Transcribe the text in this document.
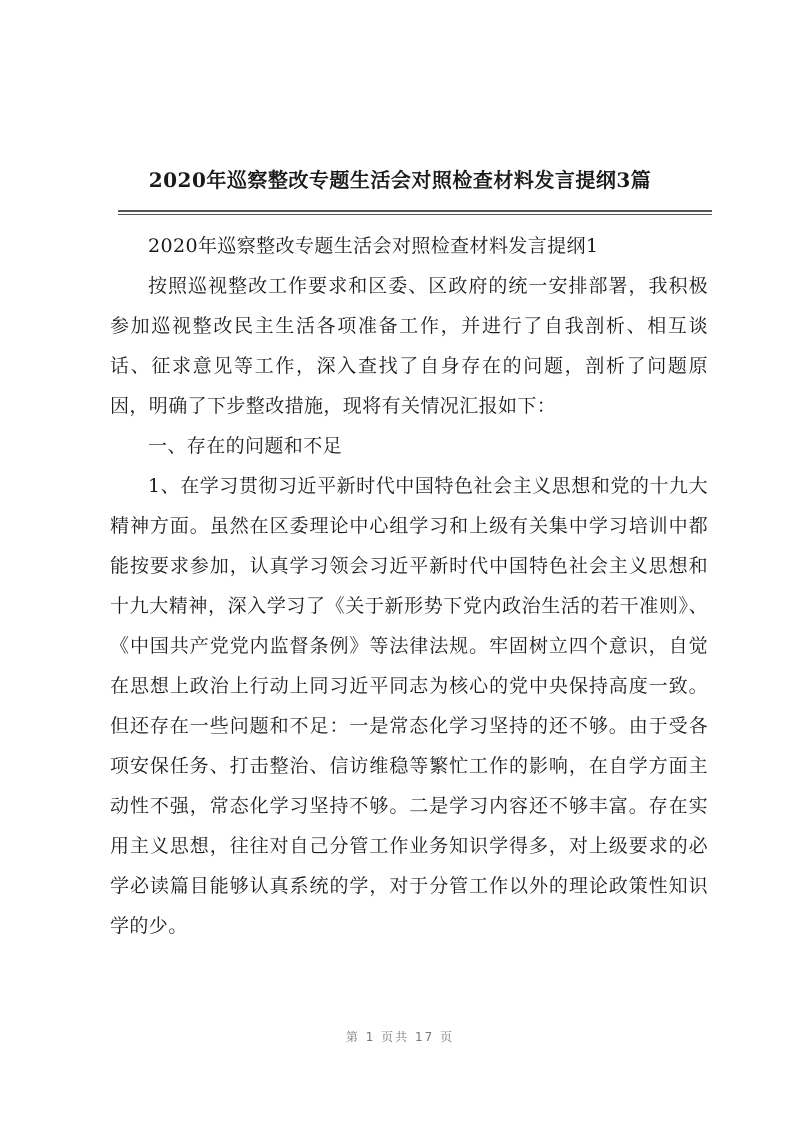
2020年巡察整改专题生活会对照检查材料发言提纲3篇

2020年巡察整改专题生活会对照检查材料发言提纲1

按照巡视整改工作要求和区委、区政府的统一安排部署，我积极参加巡视整改民主生活各项准备工作，并进行了自我剖析、相互谈话、征求意见等工作，深入查找了自身存在的问题，剖析了问题原因，明确了下步整改措施，现将有关情况汇报如下：

一、存在的问题和不足

1、在学习贯彻习近平新时代中国特色社会主义思想和党的十九大精神方面。虽然在区委理论中心组学习和上级有关集中学习培训中都能按要求参加，认真学习领会习近平新时代中国特色社会主义思想和十九大精神，深入学习了《关于新形势下党内政治生活的若干准则》、《中国共产党党内监督条例》等法律法规。牢固树立四个意识，自觉在思想上政治上行动上同习近平同志为核心的党中央保持高度一致。但还存在一些问题和不足：一是常态化学习坚持的还不够。由于受各项安保任务、打击整治、信访维稳等繁忙工作的影响，在自学方面主动性不强，常态化学习坚持不够。二是学习内容还不够丰富。存在实用主义思想，往往对自己分管工作业务知识学得多，对上级要求的必学必读篇目能够认真系统的学，对于分管工作以外的理论政策性知识学的少。

第 1 页共 17 页
